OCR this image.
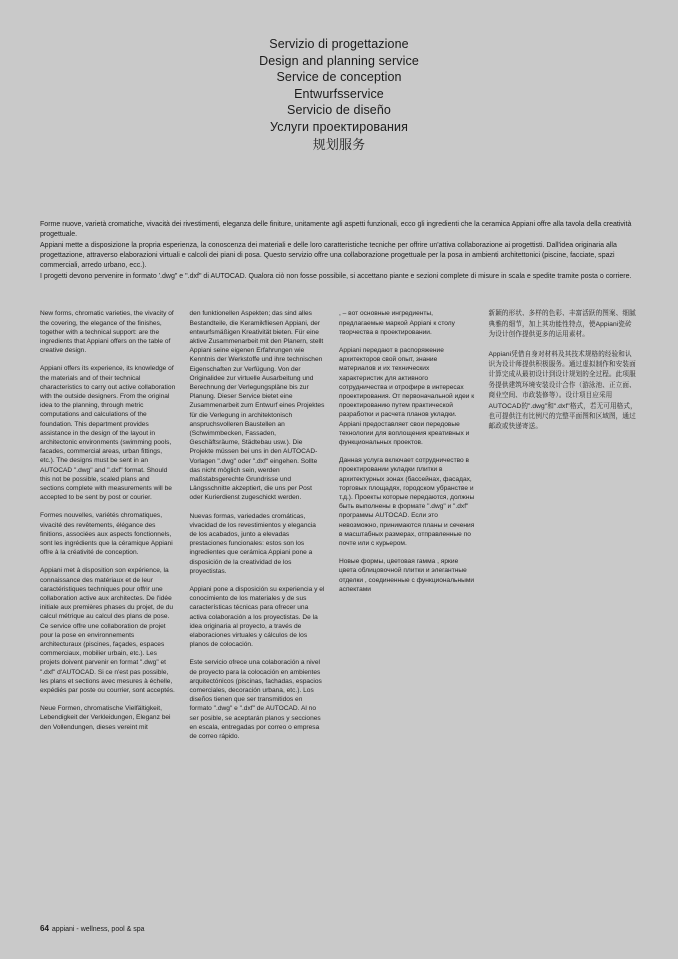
Servizio di progettazione
Design and planning service
Service de conception
Entwurfsservice
Servicio de diseño
Услуги проектирования
规划服务

Forme nuove, varietà cromatiche, vivacità dei rivestimenti, eleganza delle finiture, unitamente agli aspetti funzionali, ecco gli ingredienti che la ceramica Appiani offre alla tavola della creatività progettuale.

Appiani mette a disposizione la propria esperienza, la conoscenza dei materiali e delle loro caratteristiche tecniche per offrire un'attiva collaborazione ai progettisti. Dall'idea originaria alla progettazione, attraverso elaborazioni virtuali e calcoli dei piani di posa. Questo servizio offre una collaborazione progettuale per la posa in ambienti architettonici (piscine, facciate, spazi commerciali, arredo urbano, ecc.).

I progetti devono pervenire in formato '.dwg" e ".dxf" di AUTOCAD. Qualora ciò non fosse possibile, si accettano piante e sezioni complete di misure in scala e spedite tramite posta o corriere.

New forms, chromatic varieties, the vivacity of the covering, the elegance of the finishes, together with a technical support: are the ingredients that Appiani offers on the table of creative design.

Appiani offers its experience, its knowledge of the materials and of their technical characteristics to carry out active collaboration with the outside designers. From the original idea to the planning, through metric computations and calculations of the foundation. This department provides assistance in the design of the layout in architectonic environments (swimming pools, facades, commercial areas, urban fittings, etc.). The designs must be sent in an AUTOCAD ".dwg" and ".dxf" format. Should this not be possible, scaled plans and sections complete with measurements will be accepted to be sent by post or courier.

Formes nouvelles, variétés chromatiques, vivacité des revêtements, élégance des finitions, associées aux aspects fonctionnels, sont les ingrédients que la céramique Appiani offre à la créativité de conception.

Appiani met à disposition son expérience, la connaissance des matériaux et de leur caractéristiques techniques pour offrir une collaboration active aux architectes. De l'idée initiale aux premières phases du projet, de du calcul métrique au calcul des plans de pose. Ce service offre une collaboration de projet pour la pose en environnements architecturaux (piscines, façades, espaces commerciaux, mobilier urbain, etc.). Les projets doivent parvenir en format ".dwg" et ".dxf" d'AUTOCAD. Si ce n'est pas possible, les plans et sections avec mesures à échelle, expédiés par poste ou courrier, sont acceptés.

Neue Formen, chromatische Vielfältigkeit, Lebendigkeit der Verkleidungen, Eleganz bei den Vollendungen, dieses vereint mit

den funktionellen Aspekten; das sind alles Bestandteile, die Keramikfliesen Appiani, der entwurfsmäßigen Kreativität bieten. Für eine aktive Zusammenarbeit mit den Planern, stellt Appiani seine eigenen Erfahrungen wie Kenntnis der Werkstoffe und ihre technischen Eigenschaften zur Verfügung. Von der Originalidee zur virtuelle Ausarbeitung und Berechnung der Verlegungspläne bis zur Planung. Dieser Service bietet eine Zusammenarbeit zum Entwurf eines Projektes für die Verlegung in architektonisch anspruchsvolleren Baustellen an (Schwimmbecken, Fassaden, Geschäftsräume, Städtebau usw.). Die Projekte müssen bei uns in den AUTOCAD-Vorlagen ".dwg" oder ".dxf" eingehen. Sollte das nicht möglich sein, werden maßstabsgerechte Grundrisse und Längsschnitte akzeptiert, die uns per Post oder Kurierdienst zugeschickt werden.

Nuevas formas, variedades cromáticas, vivacidad de los revestimientos y elegancia de los acabados, junto a elevadas prestaciones funcionales: estos son los ingredientes que cerámica Appiani pone a disposición de la creatividad de los proyectistas.

Appiani pone a disposición su experiencia y el conocimiento de los materiales y de sus características técnicas para ofrecer una activa colaboración a los proyectistas. De la idea originaria al proyecto, a través de elaboraciones virtuales y cálculos de los planos de colocación.

Este servicio ofrece una colaboración a nivel de proyecto para la colocación en ambientes arquitectónicos (piscinas, fachadas, espacios comerciales, decoración urbana, etc.). Los diseños tienen que ser transmitidos en formato ".dwg" e ".dxf" de AUTOCAD. Al no ser posible, se aceptarán planos y secciones en escala, entregadas por correo o empresa de correo rápido.

, – вот основные ингредиенты, предлагаемые маркой Appiani к столу творчества в проектировании.

Appiani передают в распоряжение архитекторов свой опыт, знание материалов и их технических характеристик для активного сотрудничества и отрофире в интересах проектирования. От первоначальной идеи к проектированию путем практической разработки и расчета планов укладки. Appiani предоставляет свои передовые технологии для воплощения креативных и функциональных проектов.

Данная услуга включает сотрудничество в проектировании укладки плитки в архитектурных зонах (бассейнах, фасадах, торговых площадях, городском убранстве и т.д.). Проекты которые передаются, должны быть выполнены в формате ".dwg" и ".dxf" программы AUTOCAD. Если это невозможно, принимаются планы и сечения в масштабных размерах, отправленные по почте или с курьером.

Новые формы, цветовая гамма , яркие цвета облицовочной плитки и элегантные отделки , соединенные с функциональными аспектами

新颖的形状、多样的色彩、丰富活跃的图案、细腻典雅的细节，加上其功能性特点，使Appiani瓷砖为设计创作提供更多的运用素材。

Appiani凭借自身对材料及其技术规格的经验和认识为设计师提供积极服务。通过虚拟制作和安装面计算完成从最初设计到设计规划的全过程。此项服务提供建筑环境安装设计合作（游泳池、正立面、商业空间、市政装修等）。设计项目应采用AUTOCAD的".dwg"和".dxf"格式，若无可用格式，也可提供注有比例尺的完整平面图和区域图，通过邮政或快递寄送。

64 appiani - wellness, pool & spa
